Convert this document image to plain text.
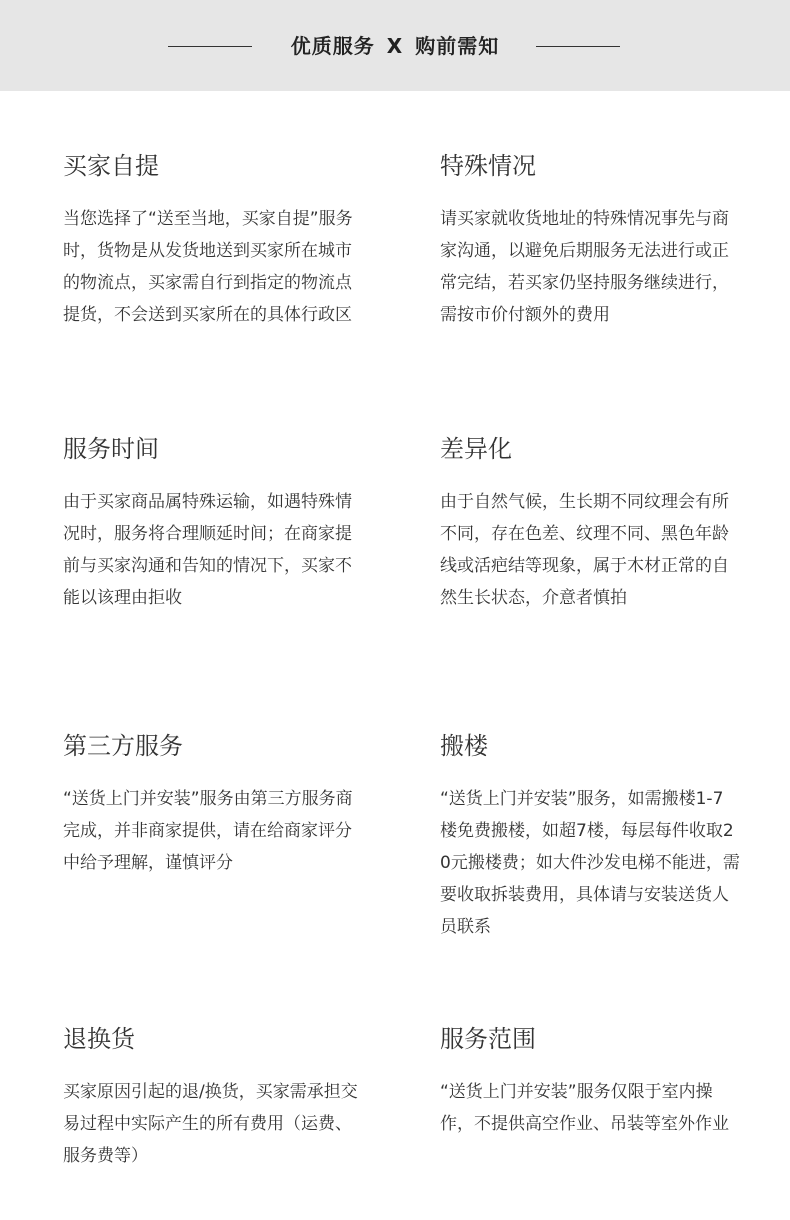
优质服务 X 购前需知
买家自提
当您选择了“送至当地，买家自提”服务时，货物是从发货地送到买家所在城市的物流点，买家需自行到指定的物流点提货，不会送到买家所在的具体行政区
特殊情况
请买家就收货地址的特殊情况事先与商家沟通，以避免后期服务无法进行或正常完结，若买家仍坚持服务继续进行，需按市价付额外的费用
服务时间
由于买家商品属特殊运输，如遇特殊情况时，服务将合理顺延时间；在商家提前与买家沟通和告知的情况下，买家不能以该理由拒收
差异化
由于自然气候，生长期不同纹理会有所不同，存在色差、纹理不同、黑色年龄线或活疤结等现象，属于木材正常的自然生长状态，介意者慎拍
第三方服务
“送货上门并安装”服务由第三方服务商完成，并非商家提供，请在给商家评分中给予理解，谨慎评分
搬楼
“送货上门并安装”服务，如需搬楼1-7楼免费搬楼，如超7楼，每层每件收取20元搬楼费；如大件沙发电梯不能进，需要收取拆装费用，具体请与安装送货人员联系
退换货
买家原因引起的退/换货，买家需承担交易过程中实际产生的所有费用（运费、服务费等）
服务范围
“送货上门并安装”服务仅限于室内操作，不提供高空作业、吊装等室外作业
